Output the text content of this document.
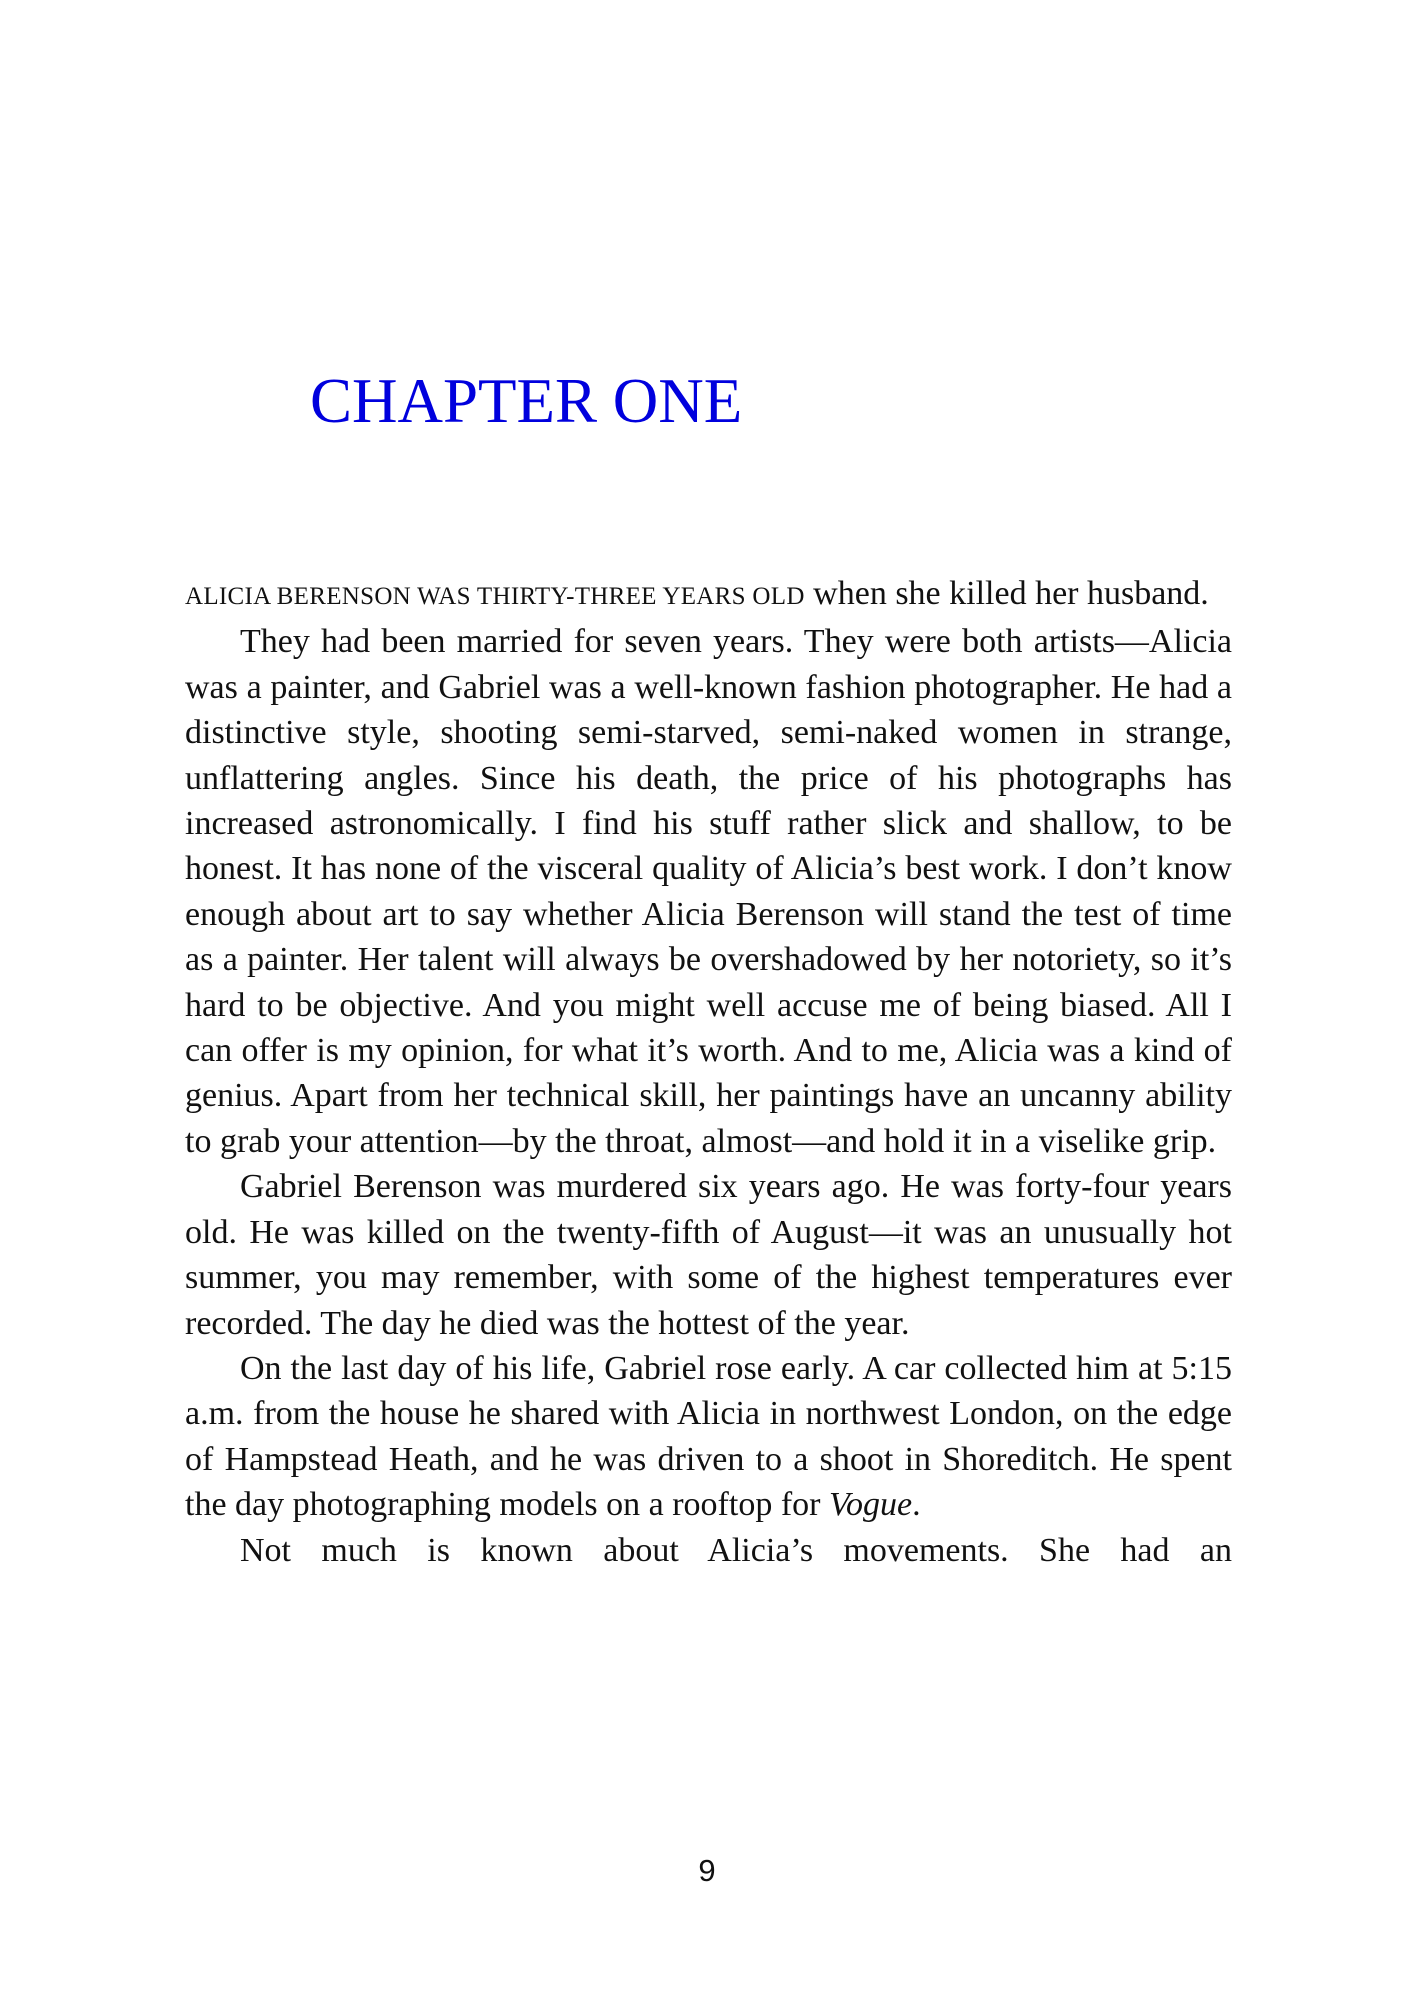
CHAPTER ONE

ALICIA BERENSON WAS THIRTY-THREE YEARS OLD when she killed her husband.

They had been married for seven years. They were both artists—Alicia was a painter, and Gabriel was a well-known fashion photographer. He had a distinctive style, shooting semi-starved, semi-naked women in strange, unflattering angles. Since his death, the price of his photographs has increased astronomically. I find his stuff rather slick and shallow, to be honest. It has none of the visceral quality of Alicia’s best work. I don’t know enough about art to say whether Alicia Berenson will stand the test of time as a painter. Her talent will always be overshadowed by her notoriety, so it’s hard to be objective. And you might well accuse me of being biased. All I can offer is my opinion, for what it’s worth. And to me, Alicia was a kind of genius. Apart from her technical skill, her paintings have an uncanny ability to grab your attention—by the throat, almost—and hold it in a viselike grip.

Gabriel Berenson was murdered six years ago. He was forty-four years old. He was killed on the twenty-fifth of August—it was an unusually hot summer, you may remember, with some of the highest temperatures ever recorded. The day he died was the hottest of the year.

On the last day of his life, Gabriel rose early. A car collected him at 5:15 a.m. from the house he shared with Alicia in northwest London, on the edge of Hampstead Heath, and he was driven to a shoot in Shoreditch. He spent the day photographing models on a rooftop for Vogue.

Not much is known about Alicia’s movements. She had an

9
